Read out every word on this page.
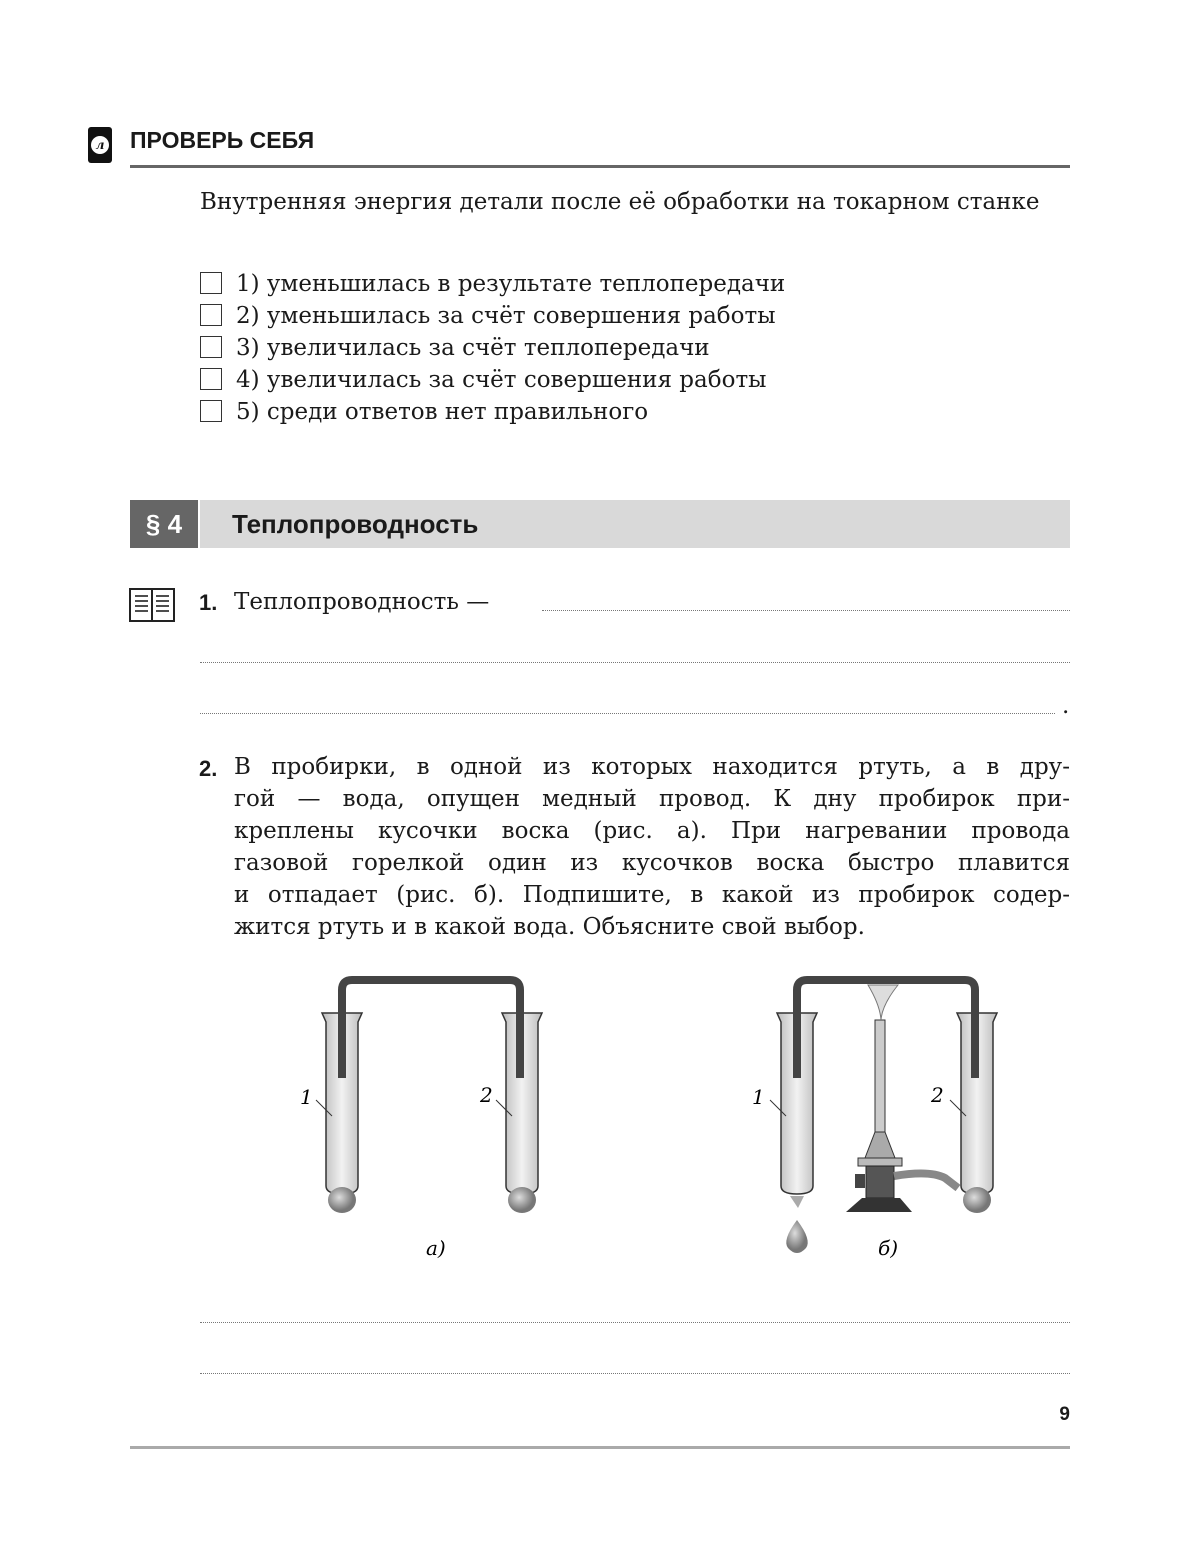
л ПРОВЕРЬ СЕБЯ
Внутренняя энергия детали после её обработки на токарном станке
1) уменьшилась в результате теплопередачи
2) уменьшилась за счёт совершения работы
3) увеличилась за счёт теплопередачи
4) увеличилась за счёт совершения работы
5) среди ответов нет правильного
§ 4	Теплопроводность
1. Теплопроводность —
.
2. В пробирки, в одной из которых находится ртуть, а в дру-
гой — вода, опущен медный провод. К дну пробирок при-
креплены кусочки воска (рис. а). При нагревании провода
газовой горелкой один из кусочков воска быстро плавится
и отпадает (рис. б). Подпишите, в какой из пробирок содер-
жится ртуть и в какой вода. Объясните свой выбор.
1	2
а)
1	2
б)
9
